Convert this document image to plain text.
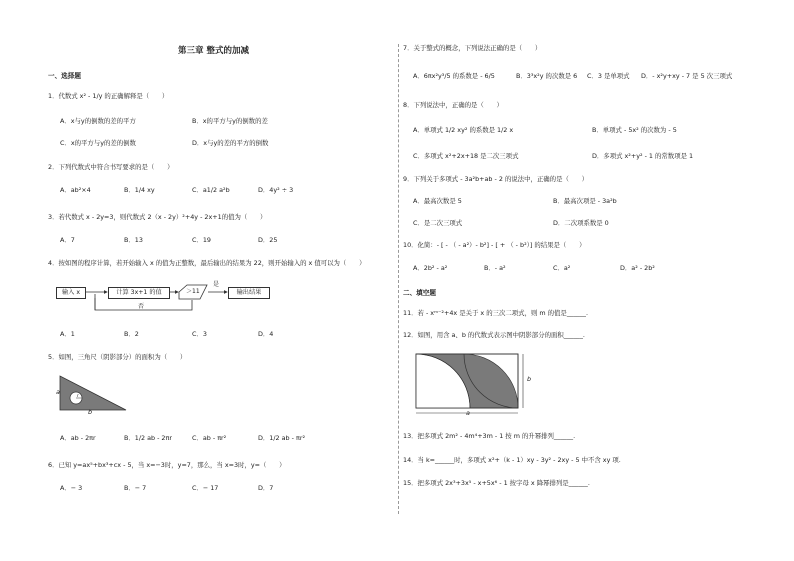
第三章 整式的加减
一、选择题
1．代数式 x² - 1/y 的正确解释是（　　）
A．x与y的倒数的差的平方	B．x的平方与y的倒数的差
C．x的平方与y的差的倒数	D．x与y的差的平方的倒数
2．下列代数式中符合书写要求的是（　　）
A．ab²×4	B．1/4 xy	C．a1/2 a²b	D．4y² ÷ 3
3．若代数式 x - 2y=3，则代数式 2（x - 2y）²+4y - 2x+1的值为（　　）
A．7	B．13	C．19	D．25
4．按如图的程序计算，若开始输入 x 的值为正整数，最后输出的结果为 22，则开始输入的 x 值可以为（　　）
输入 x	计算 3x+1 的值	＞11
是
否
输出结果
A．1	B．2	C．3	D．4
5．如图，三角尺（阴影部分）的面积为（　　）
a
b
r
A．ab - 2πr	B．1/2 ab - 2πr	C．ab - πr²	D．1/2 ab - πr²
6．已知 y=ax⁵+bx³+cx - 5，当 x=−3时，y=7，那么，当 x=3时，y=（　　）
A．− 3	B．− 7	C．− 17	D．7
7．关于整式的概念，下列说法正确的是（　　）
A．6πx²y³/5 的系数是 - 6/5	B．3³x²y 的次数是 6 C．3 是单项式 D．- x²y+xy - 7 是 5 次三项式
8．下列说法中，正确的是（　　）
A．单项式 1/2 xy² 的系数是 1/2 x	B．单项式 - 5x² 的次数为 - 5
C．多项式 x²+2x+18 是二次三项式	D．多项式 x²+y² - 1 的常数项是 1
9．下列关于多项式 - 3a²b+ab - 2 的说法中，正确的是（　　）
A．最高次数是 5	B．最高次项是 - 3a²b
C．是二次三项式	D．二次项系数是 0
10．化简：- [ - （ - a²）- b²] - [ + （ - b²）] 的结果是（　　）
A．2b² - a²	B．- a²	C．a²	D．a² - 2b²
二、填空题
11．若 - xᵐ⁻²+4x 是关于 x 的三次二项式，则 m 的值是______.
12．如图，用含 a、b 的代数式表示图中阴影部分的面积______.
a
b
13．把多项式 2m² - 4m⁴+3m - 1 按 m 的升幂排列______.
14．当 k=______时，多项式 x²+（k - 1）xy - 3y² - 2xy - 5 中不含 xy 项.
15．把多项式 2x³+3x⁵ - x+5x⁶ - 1 按字母 x 降幂排列是______.
